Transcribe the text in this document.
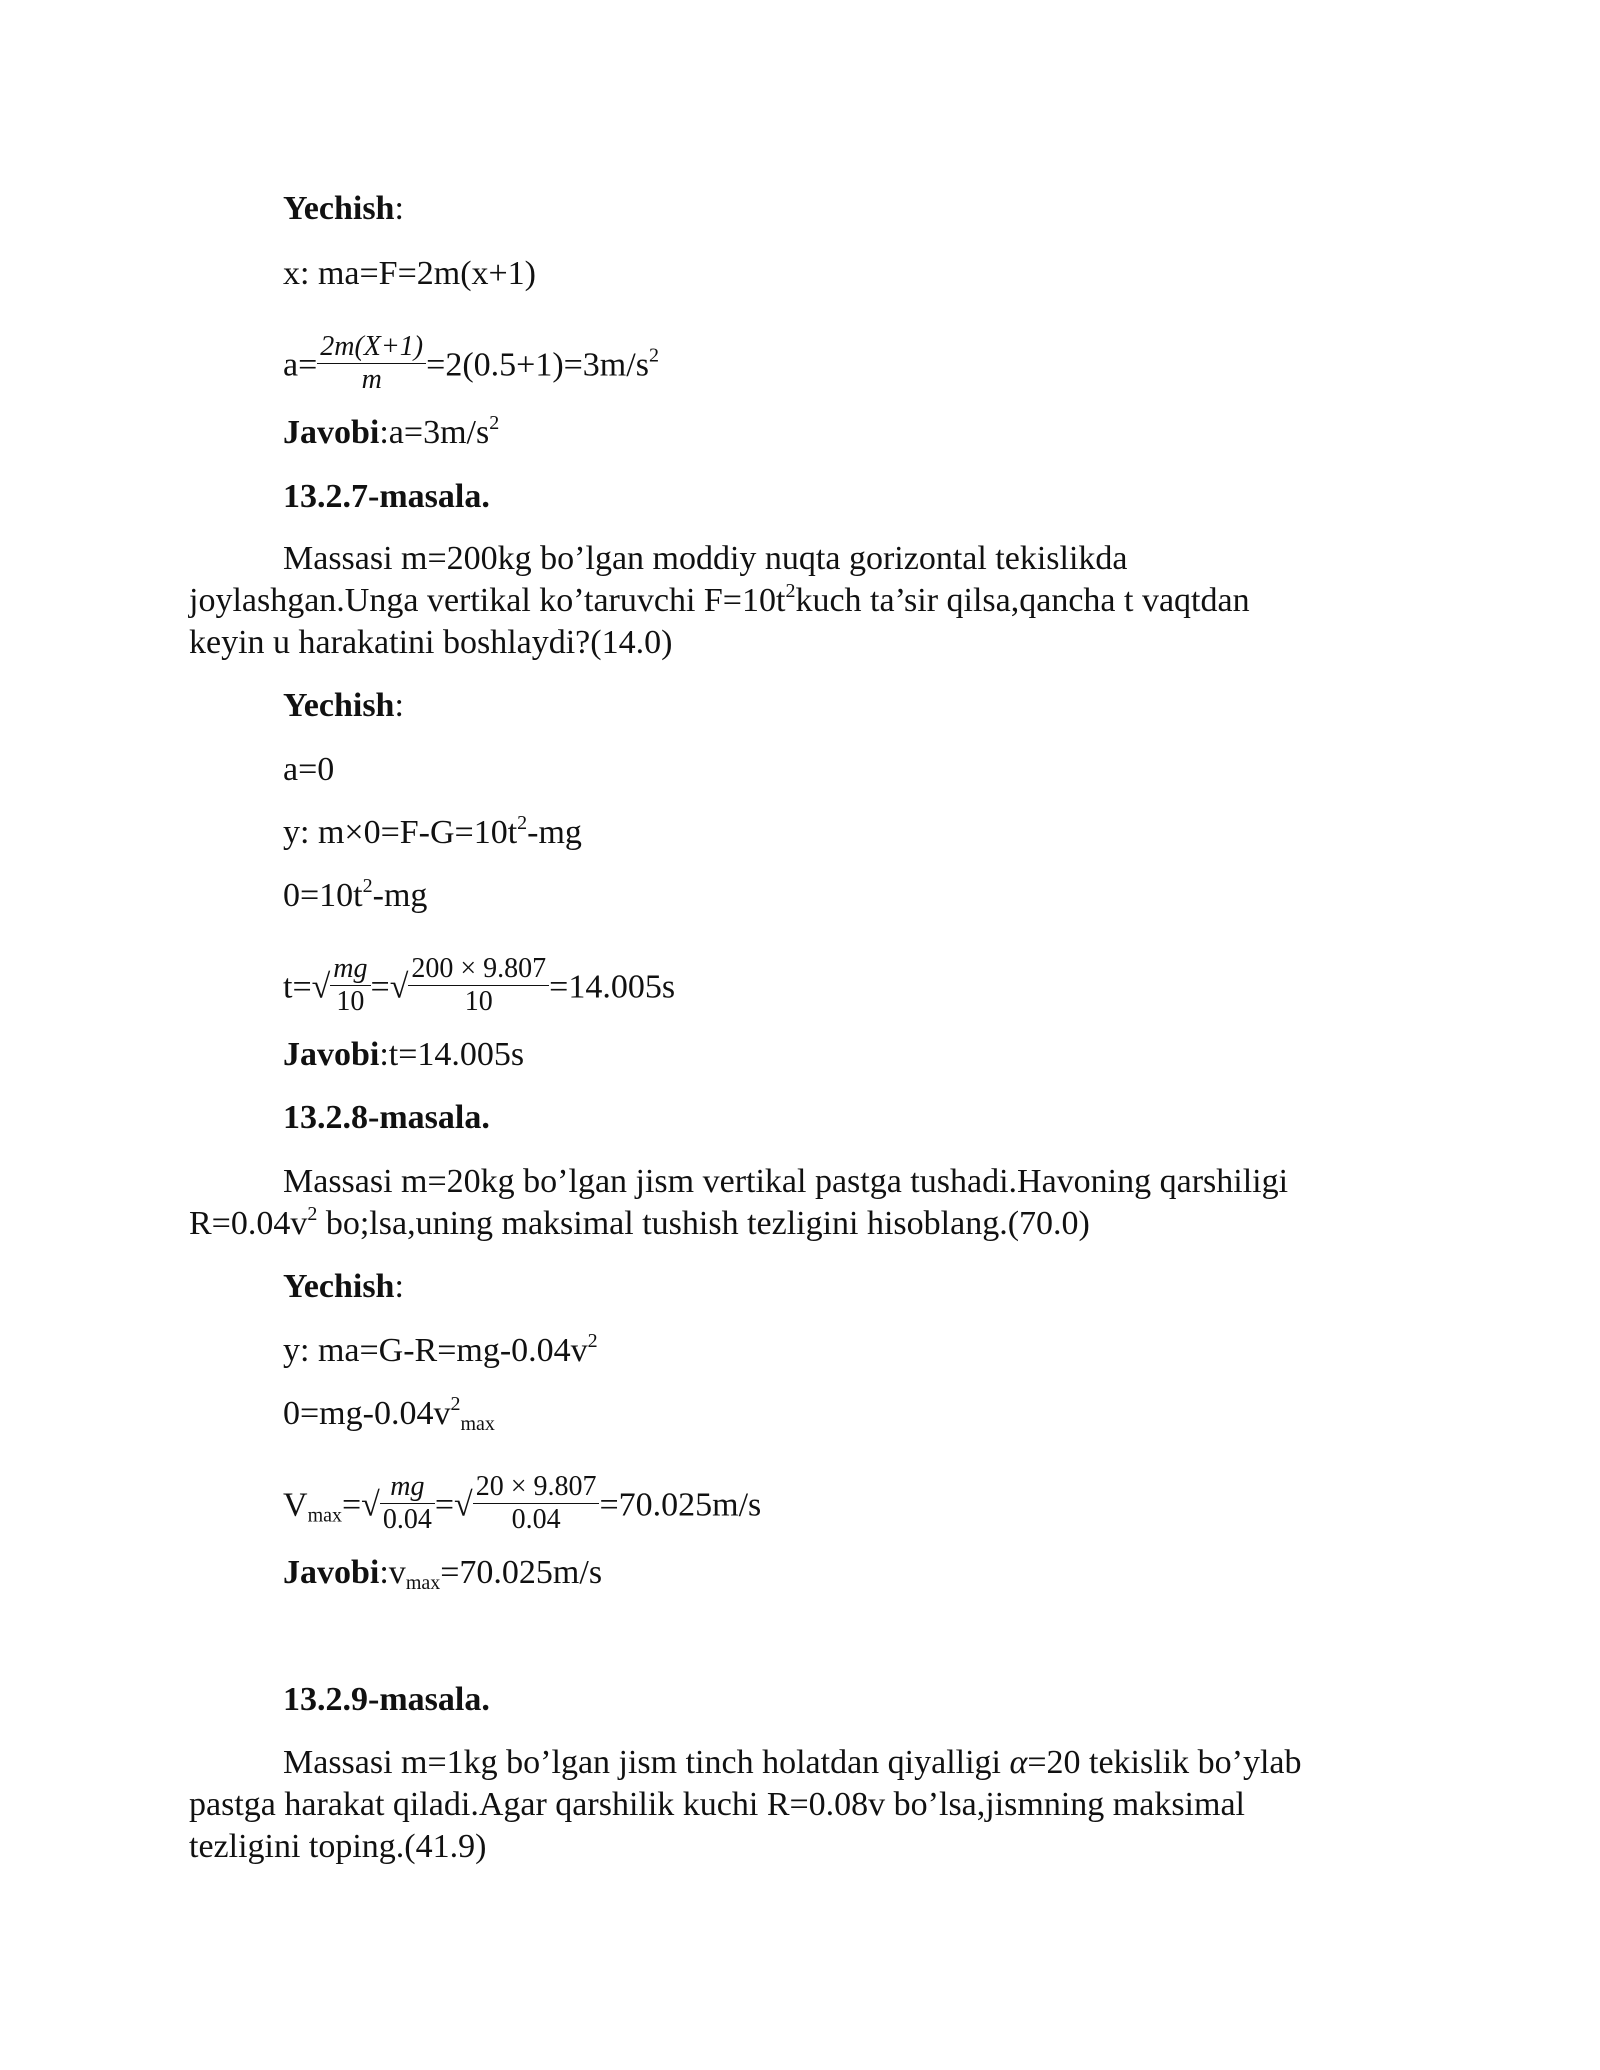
Yechish:
x: ma=F=2m(x+1)
$a= \frac{2m(X+1)}{m} =2(0.5+1)=3m/s^2$
$Javobi:a=3m/s^2$
13.2.7-masala.
Massasi m=200kg bo’lgan moddiy nuqta gorizontal tekislikda
joylashgan.Unga vertikal ko’taruvchi $F=10t^2kuch$ ta’sir qilsa,qancha t vaqtdan
keyin u harakatini boshlaydi?(14.0)
Yechish:
a=0
y: $m\times 0=F-G=10t^2-mg$
$0=10t^2-mg$
$t=√ \frac{mg}{10}$ =√ $\frac{200 \times 9.807}{10} =14.005s$
Javobi:t=14.005s
13.2.8-masala.
Massasi m=20kg bo’lgan jism vertikal pastga tushadi.Havoning qarshiligi
$R=0.04v^2$ bo;lsa,uning maksimal tushish tezligini hisoblang.(70.0)
Yechish:
y: $ma=G-R=mg-0.04v^2$
$0=mg-0.04v^2_{max}$
$V_{max}=√ \frac{mg}{0.04}$ =√ $\frac{20 \times 9.807}{0.04} =70.025m/s$
$Javobi:v_{max}=70.025m/s$
13.2.9-masala.
Massasi m=1kg bo’lgan jism tinch holatdan qiyalligi α=20 tekislik bo’ylab
pastga harakat qiladi.Agar qarshilik kuchi R=0.08v bo’lsa,jismning maksimal
tezligini toping.(41.9)
